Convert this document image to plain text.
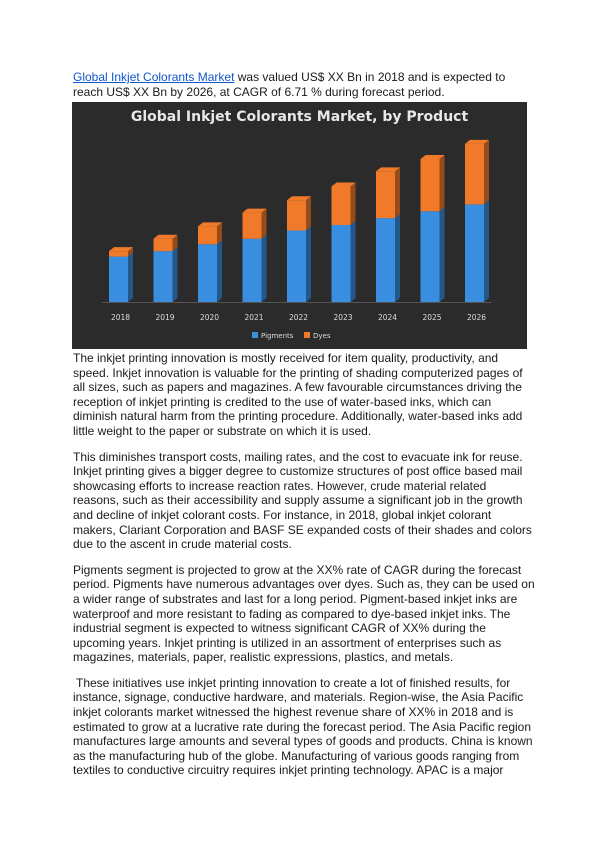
Global Inkjet Colorants Market was valued US$ XX Bn in 2018 and is expected to reach US$ XX Bn by 2026, at CAGR of 6.71 % during forecast period.

Global Inkjet Colorants Market, by Product
2018	2019	2020	2021	2022	2023	2024	2025	2026
Pigments	Dyes

The inkjet printing innovation is mostly received for item quality, productivity, and speed. Inkjet innovation is valuable for the printing of shading computerized pages of all sizes, such as papers and magazines. A few favourable circumstances driving the reception of inkjet printing is credited to the use of water-based inks, which can diminish natural harm from the printing procedure. Additionally, water-based inks add little weight to the paper or substrate on which it is used.

This diminishes transport costs, mailing rates, and the cost to evacuate ink for reuse. Inkjet printing gives a bigger degree to customize structures of post office based mail showcasing efforts to increase reaction rates. However, crude material related reasons, such as their accessibility and supply assume a significant job in the growth and decline of inkjet colorant costs. For instance, in 2018, global inkjet colorant makers, Clariant Corporation and BASF SE expanded costs of their shades and colors due to the ascent in crude material costs.

Pigments segment is projected to grow at the XX% rate of CAGR during the forecast period. Pigments have numerous advantages over dyes. Such as, they can be used on a wider range of substrates and last for a long period. Pigment-based inkjet inks are waterproof and more resistant to fading as compared to dye-based inkjet inks. The industrial segment is expected to witness significant CAGR of XX% during the upcoming years. Inkjet printing is utilized in an assortment of enterprises such as magazines, materials, paper, realistic expressions, plastics, and metals.

These initiatives use inkjet printing innovation to create a lot of finished results, for instance, signage, conductive hardware, and materials. Region-wise, the Asia Pacific inkjet colorants market witnessed the highest revenue share of XX% in 2018 and is estimated to grow at a lucrative rate during the forecast period. The Asia Pacific region manufactures large amounts and several types of goods and products. China is known as the manufacturing hub of the globe. Manufacturing of various goods ranging from textiles to conductive circuitry requires inkjet printing technology. APAC is a major
